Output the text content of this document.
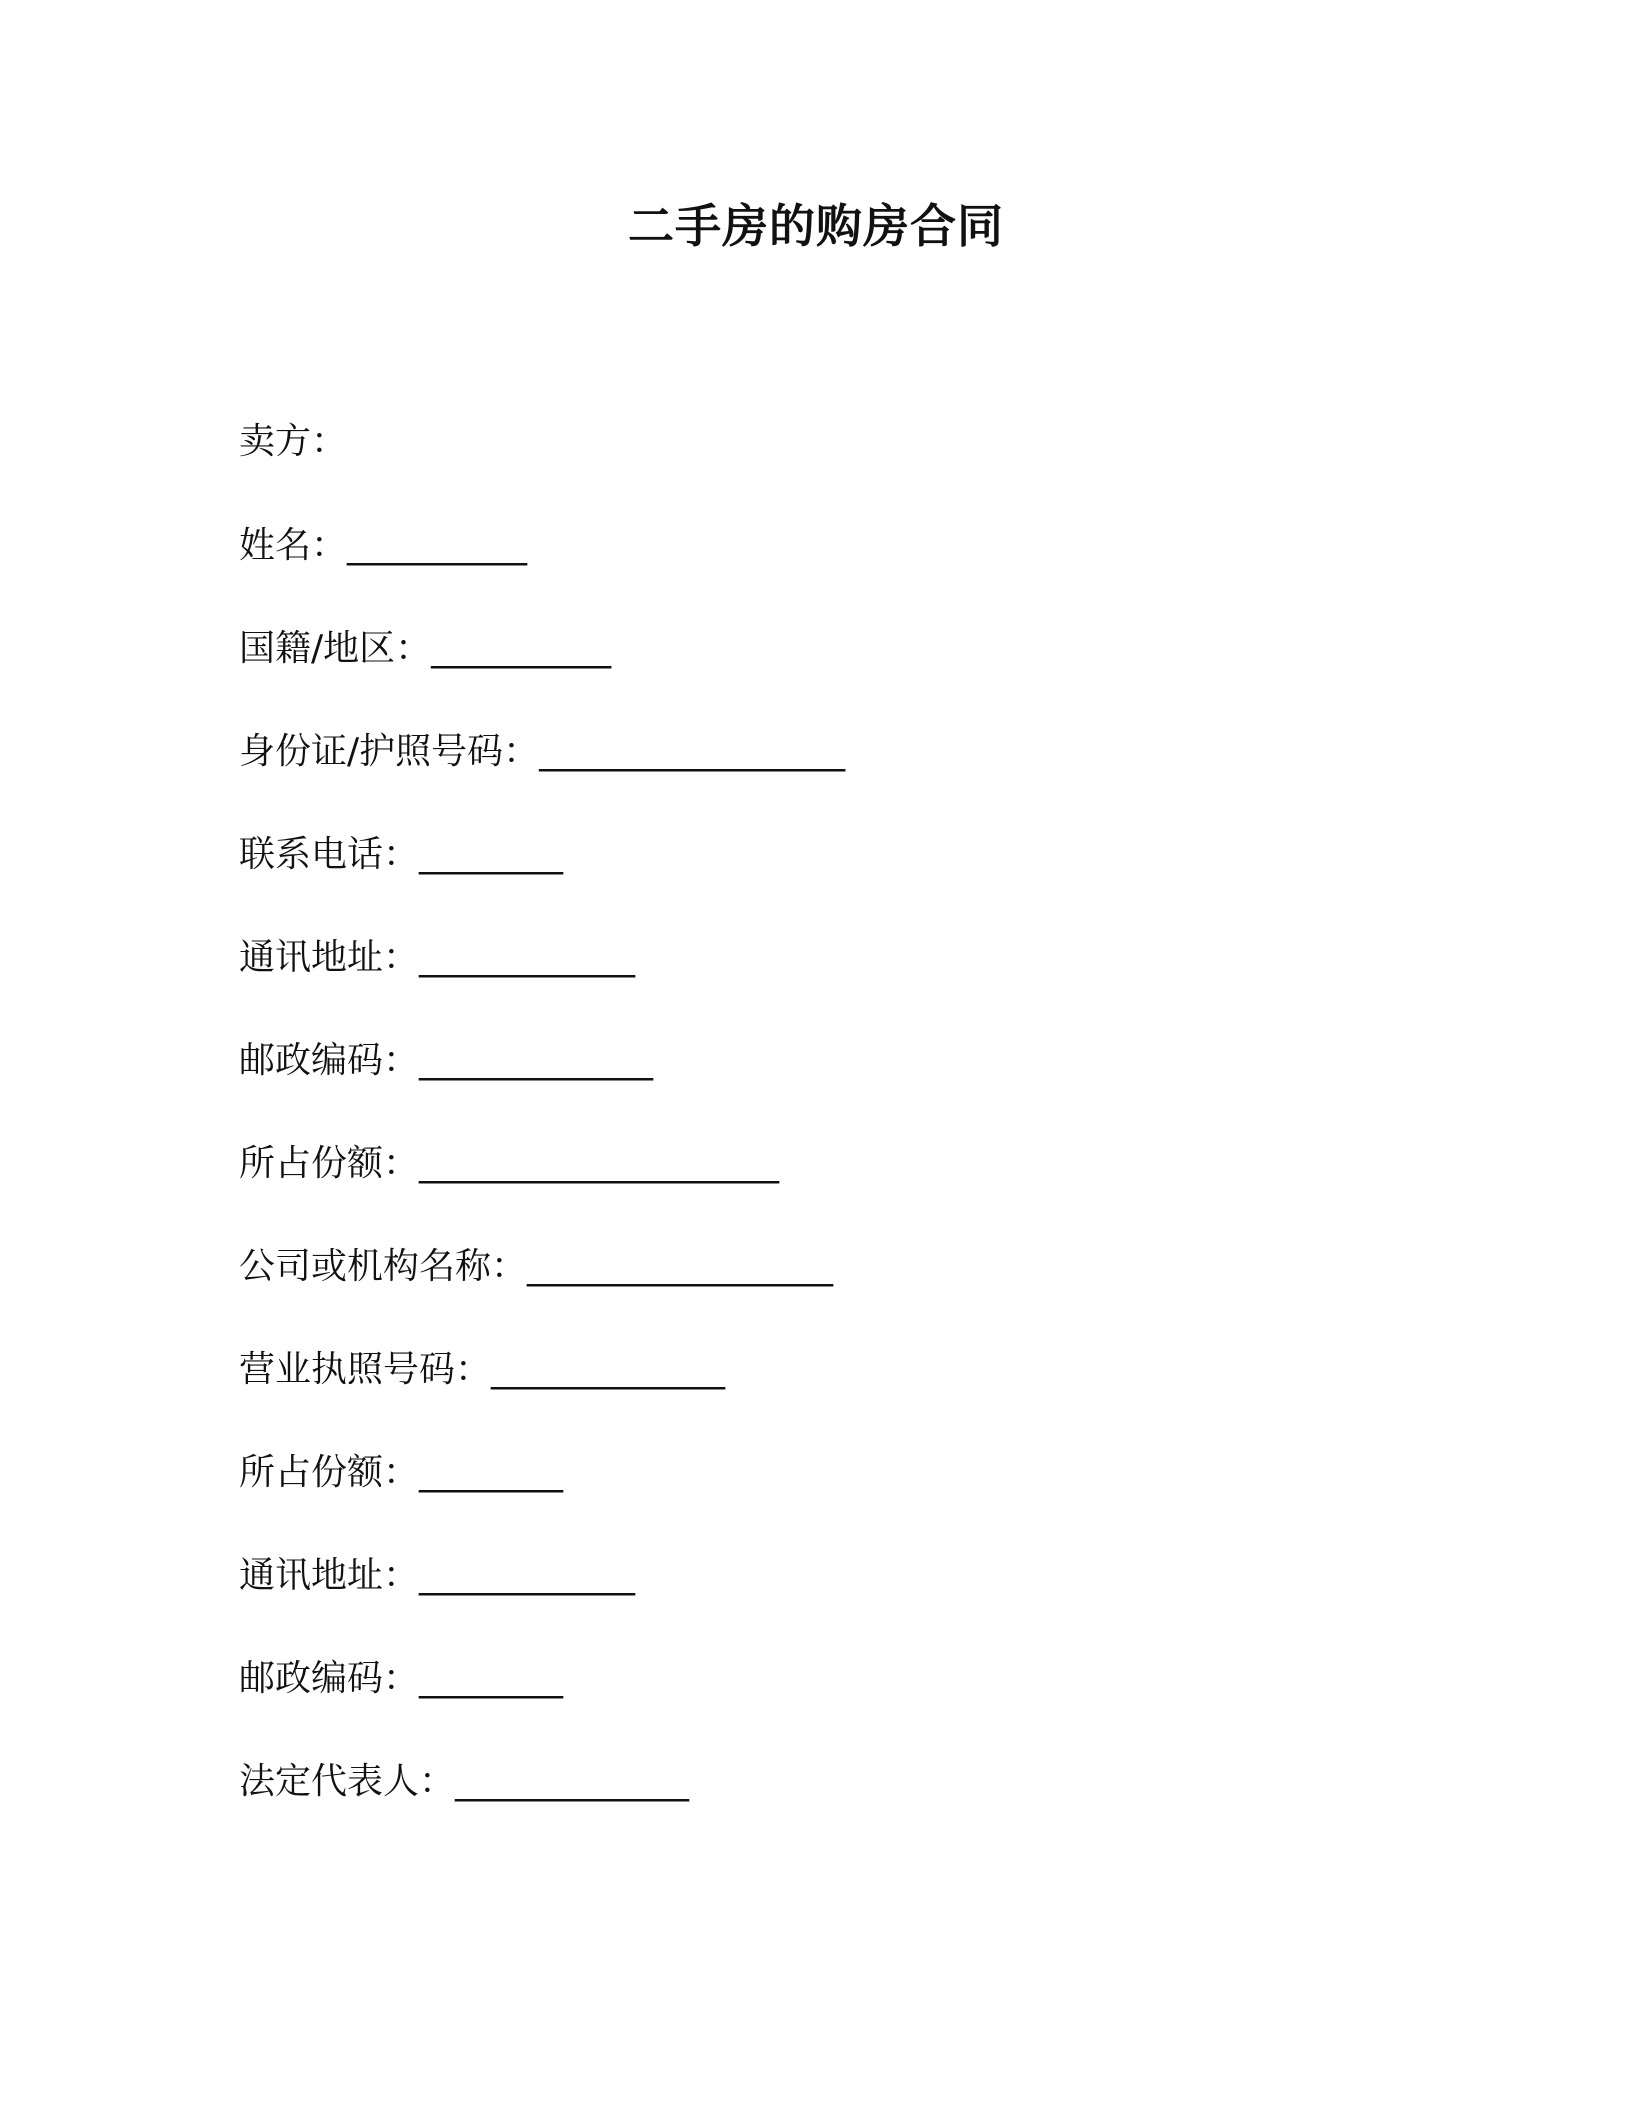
二手房的购房合同
卖方：
姓名：__________
国籍/地区：__________
身份证/护照号码：_________________
联系电话：________
通讯地址：____________
邮政编码：_____________
所占份额：____________________
公司或机构名称：_________________
营业执照号码：_____________
所占份额：________
通讯地址：____________
邮政编码：________
法定代表人：_____________
